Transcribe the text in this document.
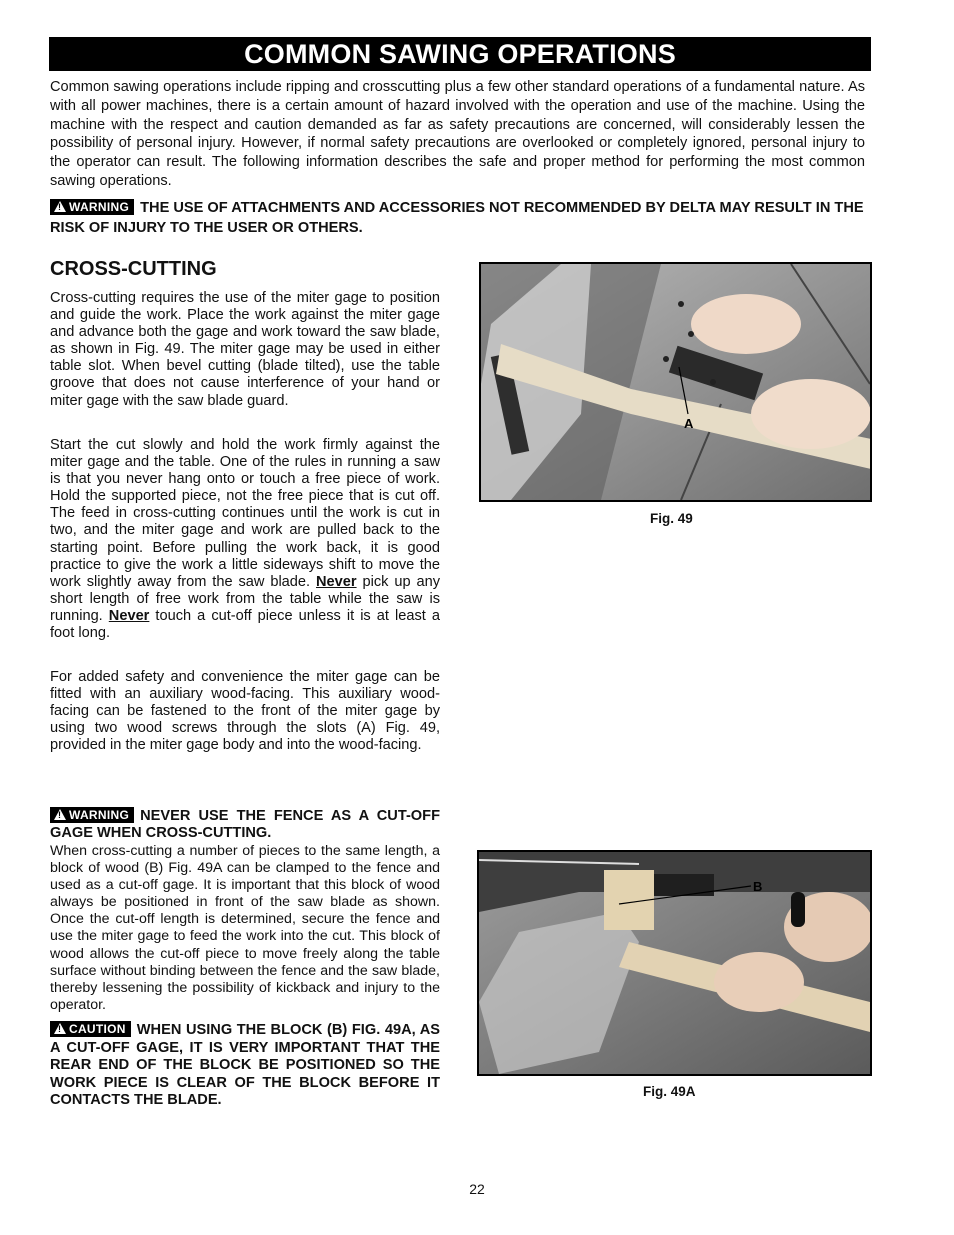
COMMON SAWING OPERATIONS
Common sawing operations include ripping and crosscutting plus a few other standard operations of a fundamental nature. As with all power machines, there is a certain amount of hazard involved with the operation and use of the machine. Using the machine with the respect and caution demanded as far as safety precautions are concerned, will considerably lessen the possibility of personal injury. However, if normal safety precautions are overlooked or completely ignored, personal injury to the operator can result. The following information describes the safe and proper method for performing the most common sawing operations.
!WARNING THE USE OF ATTACHMENTS AND ACCESSORIES NOT RECOMMENDED BY DELTA MAY RESULT IN THE RISK OF INJURY TO THE USER OR OTHERS.
CROSS-CUTTING

Cross-cutting requires the use of the miter gage to position and guide the work. Place the work against the miter gage and advance both the gage and work toward the saw blade, as shown in Fig. 49. The miter gage may be used in either table slot. When bevel cutting (blade tilted), use the table groove that does not cause interference of your hand or miter gage with the saw blade guard.

Start the cut slowly and hold the work firmly against the miter gage and the table. One of the rules in running a saw is that you never hang onto or touch a free piece of work. Hold the supported piece, not the free piece that is cut off. The feed in cross-cutting continues until the work is cut in two, and the miter gage and work are pulled back to the starting point. Before pulling the work back, it is good practice to give the work a little sideways shift to move the work slightly away from the saw blade. Never pick up any short length of free work from the table while the saw is running. Never touch a cut-off piece unless it is at least a foot long.

For added safety and convenience the miter gage can be fitted with an auxiliary wood-facing. This auxiliary wood-facing can be fastened to the front of the miter gage by using two wood screws through the slots (A) Fig. 49, provided in the miter gage body and into the wood-facing.

!WARNING NEVER USE THE FENCE AS A CUT-OFF GAGE WHEN CROSS-CUTTING.

When cross-cutting a number of pieces to the same length, a block of wood (B) Fig. 49A can be clamped to the fence and used as a cut-off gage. It is important that this block of wood always be positioned in front of the saw blade as shown. Once the cut-off length is determined, secure the fence and use the miter gage to feed the work into the cut. This block of wood allows the cut-off piece to move freely along the table surface without binding between the fence and the saw blade, thereby lessening the possibility of kickback and injury to the operator.

!CAUTION WHEN USING THE BLOCK (B) FIG. 49A, AS A CUT-OFF GAGE, IT IS VERY IMPORTANT THAT THE REAR END OF THE BLOCK BE POSITIONED SO THE WORK PIECE IS CLEAR OF THE BLOCK BEFORE IT CONTACTS THE BLADE.
A
Fig. 49
B
Fig. 49A
22
